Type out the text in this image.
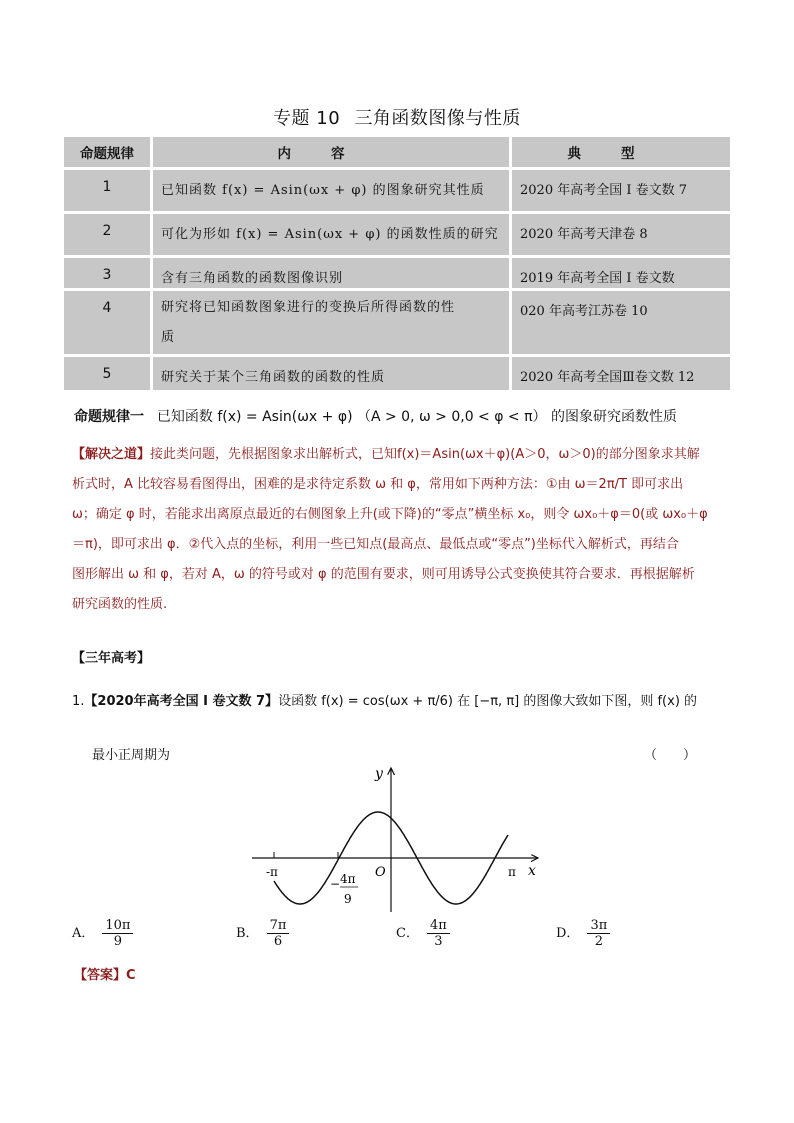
专题 10 三角函数图像与性质
命题规律	内容	典型
1	已知函数 f(x) = Asin(ωx + φ) 的图象研究其性质	2020 年高考全国 Ⅰ 卷文数 7
2	可化为形如 f(x) = Asin(ωx + φ) 的函数性质的研究	2020 年高考天津卷 8
3	含有三角函数的函数图像识别	2019 年高考全国 Ⅰ 卷文数
4	研究将已知函数图象进行的变换后所得函数的性
质	020 年高考江苏卷 10
5	研究关于某个三角函数的函数的性质	2020 年高考全国Ⅲ卷文数 12
命题规律一 已知函数 f(x) = Asin(ωx + φ) （A > 0, ω > 0,0 < φ < π） 的图象研究函数性质
【解决之道】接此类问题，先根据图象求出解析式，已知f(x)＝Asin(ωx＋φ)(A＞0，ω＞0)的部分图象求其解
析式时，A 比较容易看图得出，困难的是求待定系数 ω 和 φ，常用如下两种方法：①由 ω＝2π/T 即可求出
ω；确定 φ 时，若能求出离原点最近的右侧图象上升(或下降)的“零点”横坐标 x₀，则令 ωx₀＋φ＝0(或 ωx₀＋φ
＝π)，即可求出 φ．②代入点的坐标，利用一些已知点(最高点、最低点或“零点”)坐标代入解析式，再结合
图形解出 ω 和 φ，若对 A，ω 的符号或对 φ 的范围有要求，则可用诱导公式变换使其符合要求．再根据解析
研究函数的性质.
【三年高考】
1.【2020年高考全国 I 卷文数 7】设函数 f(x) = cos(ωx + π/6) 在 [−π, π] 的图像大致如下图，则 f(x) 的
最小正周期为	（　　）
y
x
O
-π	π
− 4π
9
A． $\frac{10\pi}{9}$	B． $\frac{7\pi}{6}$	C． $\frac{4\pi}{3}$	D． $\frac{3\pi}{2}$
【答案】C
